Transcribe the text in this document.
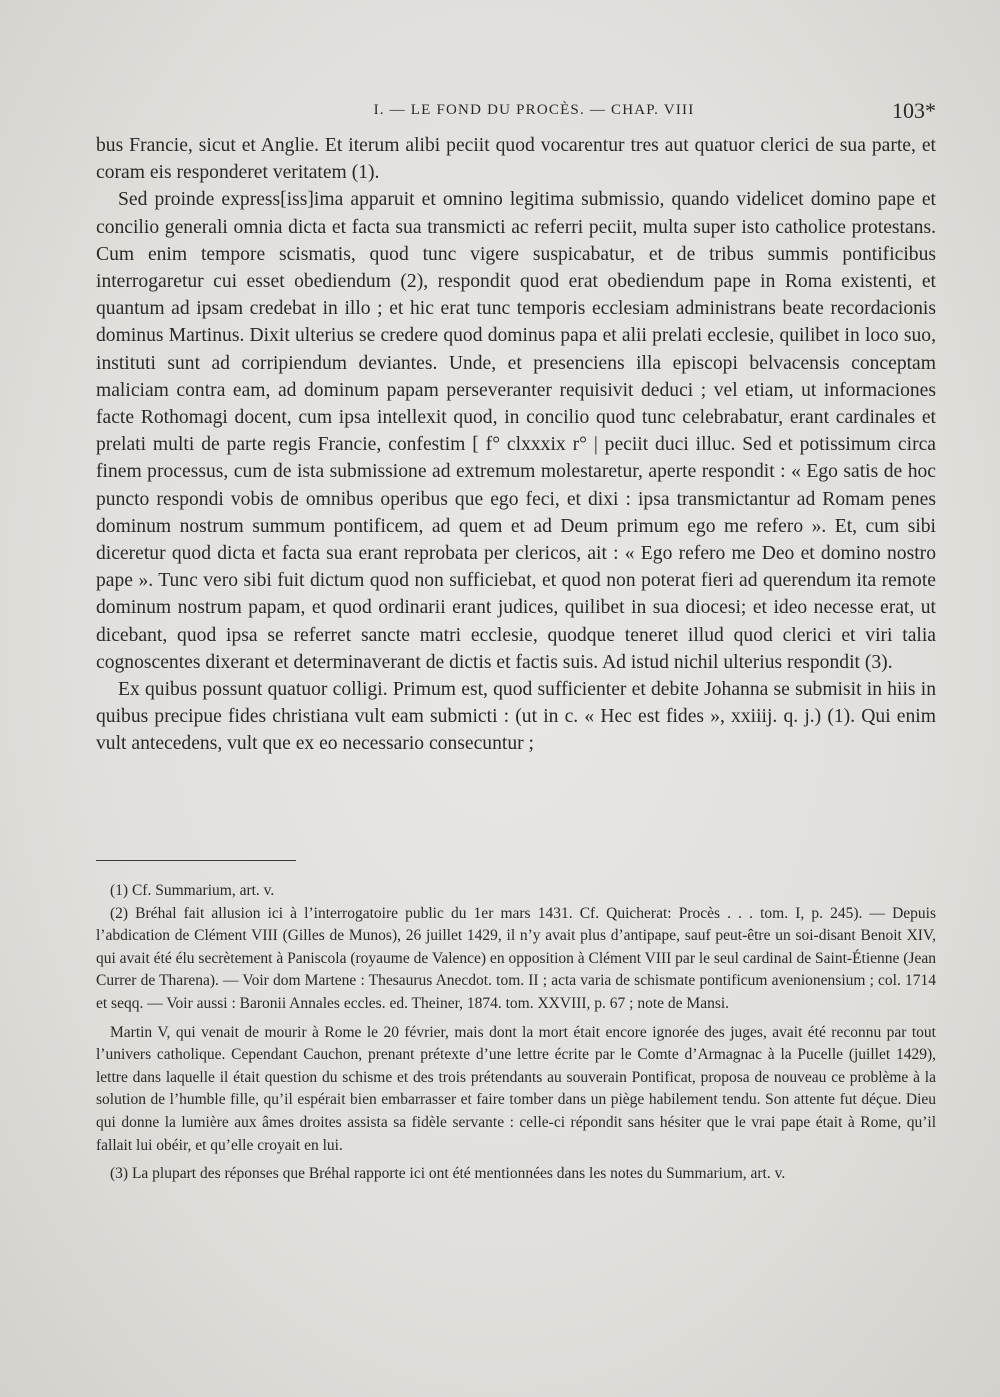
I. — LE FOND DU PROCÈS. — CHAP. VIII	103*

bus Francie, sicut et Anglie. Et iterum alibi peciit quod vocarentur tres aut quatuor clerici de sua parte, et coram eis responderet veritatem (1).

Sed proinde express[iss]ima apparuit et omnino legitima submissio, quando videlicet domino pape et concilio generali omnia dicta et facta sua transmicti ac referri peciit, multa super isto catholice protestans. Cum enim tempore scismatis, quod tunc vigere suspicabatur, et de tribus summis pontificibus interrogaretur cui esset obediendum (2), respondit quod erat obediendum pape in Roma existenti, et quantum ad ipsam credebat in illo ; et hic erat tunc temporis ecclesiam administrans beate recordacionis dominus Martinus. Dixit ulterius se credere quod dominus papa et alii prelati ecclesie, quilibet in loco suo, instituti sunt ad corripiendum deviantes. Unde, et presenciens illa episcopi belvacensis conceptam maliciam contra eam, ad dominum papam perseveranter requisivit deduci ; vel etiam, ut informaciones facte Rothomagi docent, cum ipsa intellexit quod, in concilio quod tunc celebrabatur, erant cardinales et prelati multi de parte regis Francie, confestim [ f° clxxxix r° | peciit duci illuc. Sed et potissimum circa finem processus, cum de ista submissione ad extremum molestaretur, aperte respondit : « Ego satis de hoc puncto respondi vobis de omnibus operibus que ego feci, et dixi : ipsa transmictantur ad Romam penes dominum nostrum summum pontificem, ad quem et ad Deum primum ego me refero ». Et, cum sibi diceretur quod dicta et facta sua erant reprobata per clericos, ait : « Ego refero me Deo et domino nostro pape ». Tunc vero sibi fuit dictum quod non sufficiebat, et quod non poterat fieri ad querendum ita remote dominum nostrum papam, et quod ordinarii erant judices, quilibet in sua diocesi; et ideo necesse erat, ut dicebant, quod ipsa se referret sancte matri ecclesie, quodque teneret illud quod clerici et viri talia cognoscentes dixerant et determinaverant de dictis et factis suis. Ad istud nichil ulterius respondit (3).

Ex quibus possunt quatuor colligi. Primum est, quod sufficienter et debite Johanna se submisit in hiis in quibus precipue fides christiana vult eam submicti : (ut in c. « Hec est fides », xxiiij. q. j.) (1). Qui enim vult antecedens, vult que ex eo necessario consecuntur ;

(1) Cf. Summarium, art. v.

(2) Bréhal fait allusion ici à l’interrogatoire public du 1er mars 1431. Cf. Quicherat: Procès . . . tom. I, p. 245). — Depuis l’abdication de Clément VIII (Gilles de Munos), 26 juillet 1429, il n’y avait plus d’antipape, sauf peut-être un soi-disant Benoit XIV, qui avait été élu secrètement à Paniscola (royaume de Valence) en opposition à Clément VIII par le seul cardinal de Saint-Étienne (Jean Currer de Tharena). — Voir dom Martene : Thesaurus Anecdot. tom. II ; acta varia de schismate pontificum avenionensium ; col. 1714 et seqq. — Voir aussi : Baronii Annales eccles. ed. Theiner, 1874. tom. XXVIII, p. 67 ; note de Mansi.

Martin V, qui venait de mourir à Rome le 20 février, mais dont la mort était encore ignorée des juges, avait été reconnu par tout l’univers catholique. Cependant Cauchon, prenant prétexte d’une lettre écrite par le Comte d’Armagnac à la Pucelle (juillet 1429), lettre dans laquelle il était question du schisme et des trois prétendants au souverain Pontificat, proposa de nouveau ce problème à la solution de l’humble fille, qu’il espérait bien embarrasser et faire tomber dans un piège habilement tendu. Son attente fut déçue. Dieu qui donne la lumière aux âmes droites assista sa fidèle servante : celle-ci répondit sans hésiter que le vrai pape était à Rome, qu’il fallait lui obéir, et qu’elle croyait en lui.

(3) La plupart des réponses que Bréhal rapporte ici ont été mentionnées dans les notes du Summarium, art. v.
